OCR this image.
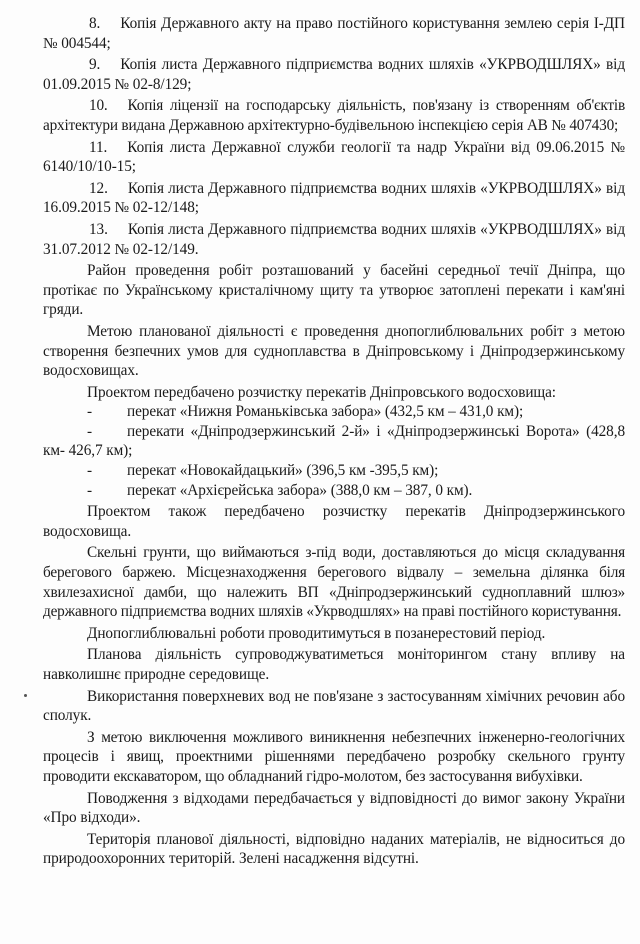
8. Копія Державного акту на право постійного користування землею серія І-ДП № 004544;

9. Копія листа Державного підприємства водних шляхів «УКРВОДШЛЯХ» від 01.09.2015 № 02-8/129;

10. Копія ліцензії на господарську діяльність, пов'язану із створенням об'єктів архітектури видана Державною архітектурно-будівельною інспекцією серія АВ № 407430;

11. Копія листа Державної служби геології та надр України від 09.06.2015 № 6140/10/10-15;

12. Копія листа Державного підприємства водних шляхів «УКРВОДШЛЯХ» від 16.09.2015 № 02-12/148;

13. Копія листа Державного підприємства водних шляхів «УКРВОДШЛЯХ» від 31.07.2012 № 02-12/149.

Район проведення робіт розташований у басейні середньої течії Дніпра, що протікає по Українському кристалічному щиту та утворює затоплені перекати і кам'яні гряди.

Метою планованої діяльності є проведення днопоглиблювальних робіт з метою створення безпечних умов для судноплавства в Дніпровському і Дніпродзержинському водосховищах.

Проектом передбачено розчистку перекатів Дніпровського водосховища:

- перекат «Нижня Романьківська забора» (432,5 км – 431,0 км);

- перекати «Дніпродзержинський 2-й» і «Дніпродзержинські Ворота» (428,8 км- 426,7 км);

- перекат «Новокайдацький» (396,5 км -395,5 км);

- перекат «Архієрейська забора» (388,0 км – 387, 0 км).

Проектом також передбачено розчистку перекатів Дніпродзержинського водосховища.

Скельні грунти, що виймаються з-під води, доставляються до місця складування берегового баржею. Місцезнаходження берегового відвалу – земельна ділянка біля хвилезахисної дамби, що належить ВП «Дніпродзержинський судноплавний шлюз» державного підприємства водних шляхів «Укрводшлях» на праві постійного користування.

Днопоглиблювальні роботи проводитимуться в позанерестовий період.

Планова діяльність супроводжуватиметься моніторингом стану впливу на навколишнє природне середовище.

Використання поверхневих вод не пов'язане з застосуванням хімічних речовин або сполук.

З метою виключення можливого виникнення небезпечних інженерно-геологічних процесів і явищ, проектними рішеннями передбачено розробку скельного грунту проводити екскаватором, що обладнаний гідро-молотом, без застосування вибухівки.

Поводження з відходами передбачається у відповідності до вимог закону України «Про відходи».

Територія планової діяльності, відповідно наданих матеріалів, не відноситься до природоохоронних територій. Зелені насадження відсутні.
